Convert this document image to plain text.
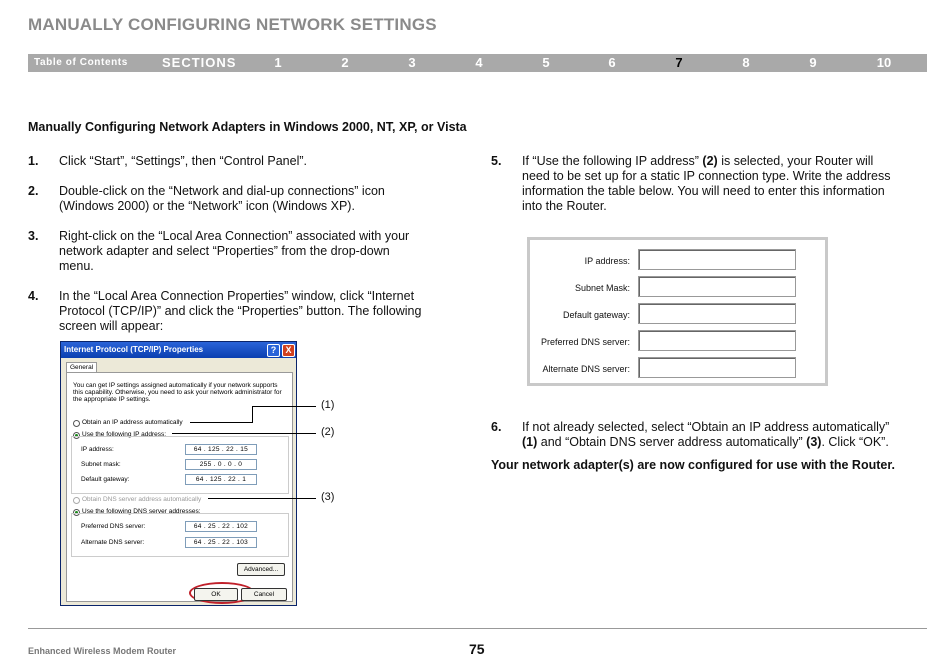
MANUALLY CONFIGURING NETWORK SETTINGS
Table of Contents	SECTIONS	1	2	3	4	5	6	7	8	9	10
Manually Configuring Network Adapters in Windows 2000, NT, XP, or Vista
1. Click “Start”, “Settings”, then “Control Panel”.
2. Double-click on the “Network and dial-up connections” icon
(Windows 2000) or the “Network” icon (Windows XP).
3. Right-click on the “Local Area Connection” associated with your
network adapter and select “Properties” from the drop-down
menu.
4. In the “Local Area Connection Properties” window, click “Internet
Protocol (TCP/IP)” and click the “Properties” button. The following
screen will appear:
Internet Protocol (TCP/IP) Properties	?	X
General
You can get IP settings assigned automatically if your network supports
this capability. Otherwise, you need to ask your network administrator for
the appropriate IP settings.
Obtain an IP address automatically
Use the following IP address:
IP address:	64 . 125 . 22 . 15
Subnet mask:	255 . 0 . 0 . 0
Default gateway:	64 . 125 . 22 . 1
Obtain DNS server address automatically
Use the following DNS server addresses:
Preferred DNS server:	64 . 25 . 22 . 102
Alternate DNS server:	64 . 25 . 22 . 103
Advanced...
OK	Cancel
(1)
(2)
(3)
5. If “Use the following IP address” (2) is selected, your Router will
need to be set up for a static IP connection type. Write the address
information the table below. You will need to enter this information
into the Router.
IP address:
Subnet Mask:
Default gateway:
Preferred DNS server:
Alternate DNS server:
6. If not already selected, select “Obtain an IP address automatically”
(1) and “Obtain DNS server address automatically” (3). Click “OK”.
Your network adapter(s) are now configured for use with the Router.
Enhanced Wireless Modem Router	75
